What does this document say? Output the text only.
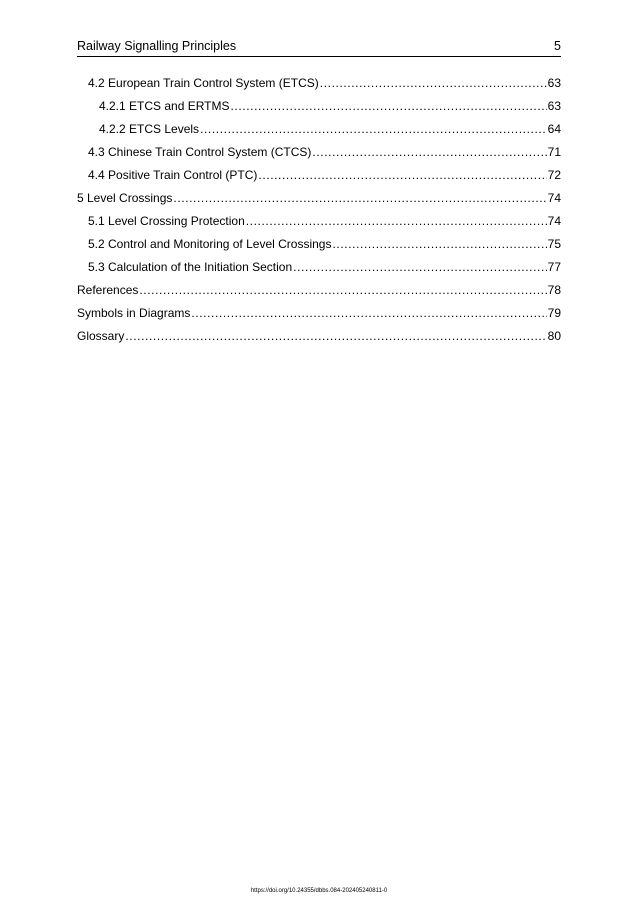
Railway Signalling Principles	5
4.2 European Train Control System (ETCS) .....	63
4.2.1 ETCS and ERTMS .....	63
4.2.2 ETCS Levels .....	64
4.3 Chinese Train Control System (CTCS) .....	71
4.4 Positive Train Control (PTC) .....	72
5 Level Crossings .....	74
5.1 Level Crossing Protection .....	74
5.2 Control and Monitoring of Level Crossings .....	75
5.3 Calculation of the Initiation Section .....	77
References .....	78
Symbols in Diagrams .....	79
Glossary .....	80
https://doi.org/10.24355/dbbs.084-202405240811-0
